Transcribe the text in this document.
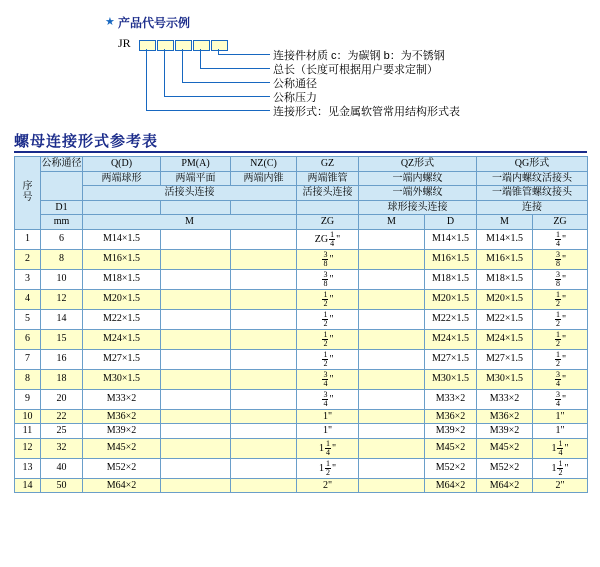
★ 产品代号示例
JR
连接件材质 c：为碳钢 b：为不锈钢
总长（长度可根据用户要求定制）
公称通径
公称压力
连接形式：见金属软管常用结构形式表
螺母连接形式参考表
序
号	公称通径	Q(D)	PM(A)	NZ(C)	GZ	QZ形式		QG形式	
		两端球形	两端平面	两端内锥	两端锥管	一端内螺纹		一端内螺纹活接头	
		活接头连接			活接头连接	一端外螺纹		一端锥管螺纹接头	
	D1					球形接头连接		连接	
	mm	M			ZG	M	D	M	ZG
1	6	M14×1.5			ZG $\frac{1}{4}$ "		M14×1.5	M14×1.5	$\frac{1}{4}$ "
2	8	M16×1.5			$\frac{3}{8}$ "		M16×1.5	M16×1.5	$\frac{3}{8}$ "
3	10	M18×1.5			$\frac{3}{8}$ "		M18×1.5	M18×1.5	$\frac{3}{8}$ "
4	12	M20×1.5			$\frac{1}{2}$ "		M20×1.5	M20×1.5	$\frac{1}{2}$ "
5	14	M22×1.5			$\frac{1}{2}$ "		M22×1.5	M22×1.5	$\frac{1}{2}$ "
6	15	M24×1.5			$\frac{1}{2}$ "		M24×1.5	M24×1.5	$\frac{1}{2}$ "
7	16	M27×1.5			$\frac{1}{2}$ "		M27×1.5	M27×1.5	$\frac{1}{2}$ "
8	18	M30×1.5			$\frac{3}{4}$ "		M30×1.5	M30×1.5	$\frac{3}{4}$ "
9	20	M33×2			$\frac{3}{4}$ "		M33×2	M33×2	$\frac{3}{4}$ "
10	22	M36×2			1"		M36×2	M36×2	1"
11	25	M39×2			1"		M39×2	M39×2	1"
12	32	M45×2			$1 \frac{1}{4}$ "		M45×2	M45×2	$1 \frac{1}{4}$ "
13	40	M52×2			$1 \frac{1}{2}$ "		M52×2	M52×2	$1 \frac{1}{2}$ "
14	50	M64×2			2"		M64×2	M64×2	2"
